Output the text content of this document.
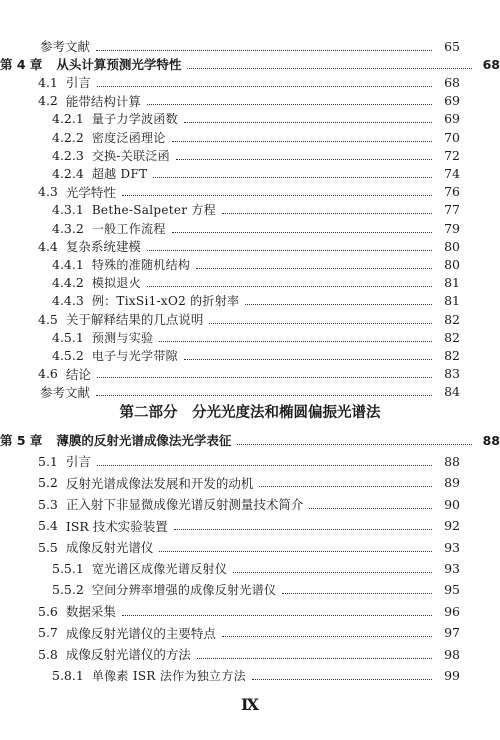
参考文献	65
第 4 章	从头计算预测光学特性	68
4.1 引言	68
4.2 能带结构计算	69
4.2.1 量子力学波函数	69
4.2.2 密度泛函理论	70
4.2.3 交换-关联泛函	72
4.2.4 超越 DFT	74
4.3 光学特性	76
4.3.1 Bethe-Salpeter 方程	77
4.3.2 一般工作流程	79
4.4 复杂系统建模	80
4.4.1 特殊的准随机结构	80
4.4.2 模拟退火	81
4.4.3 例：TixSi1-xO2 的折射率	81
4.5 关于解释结果的几点说明	82
4.5.1 预测与实验	82
4.5.2 电子与光学带隙	82
4.6 结论	83
参考文献	84
第二部分　分光光度法和椭圆偏振光谱法
第 5 章	薄膜的反射光谱成像法光学表征	88
5.1 引言	88
5.2 反射光谱成像法发展和开发的动机	89
5.3 正入射下非显微成像光谱反射测量技术简介	90
5.4 ISR 技术实验装置	92
5.5 成像反射光谱仪	93
5.5.1 宽光谱区成像光谱反射仪	93
5.5.2 空间分辨率增强的成像反射光谱仪	95
5.6 数据采集	96
5.7 成像反射光谱仪的主要特点	97
5.8 成像反射光谱仪的方法	98
5.8.1 单像素 ISR 法作为独立方法	99
Ⅸ
